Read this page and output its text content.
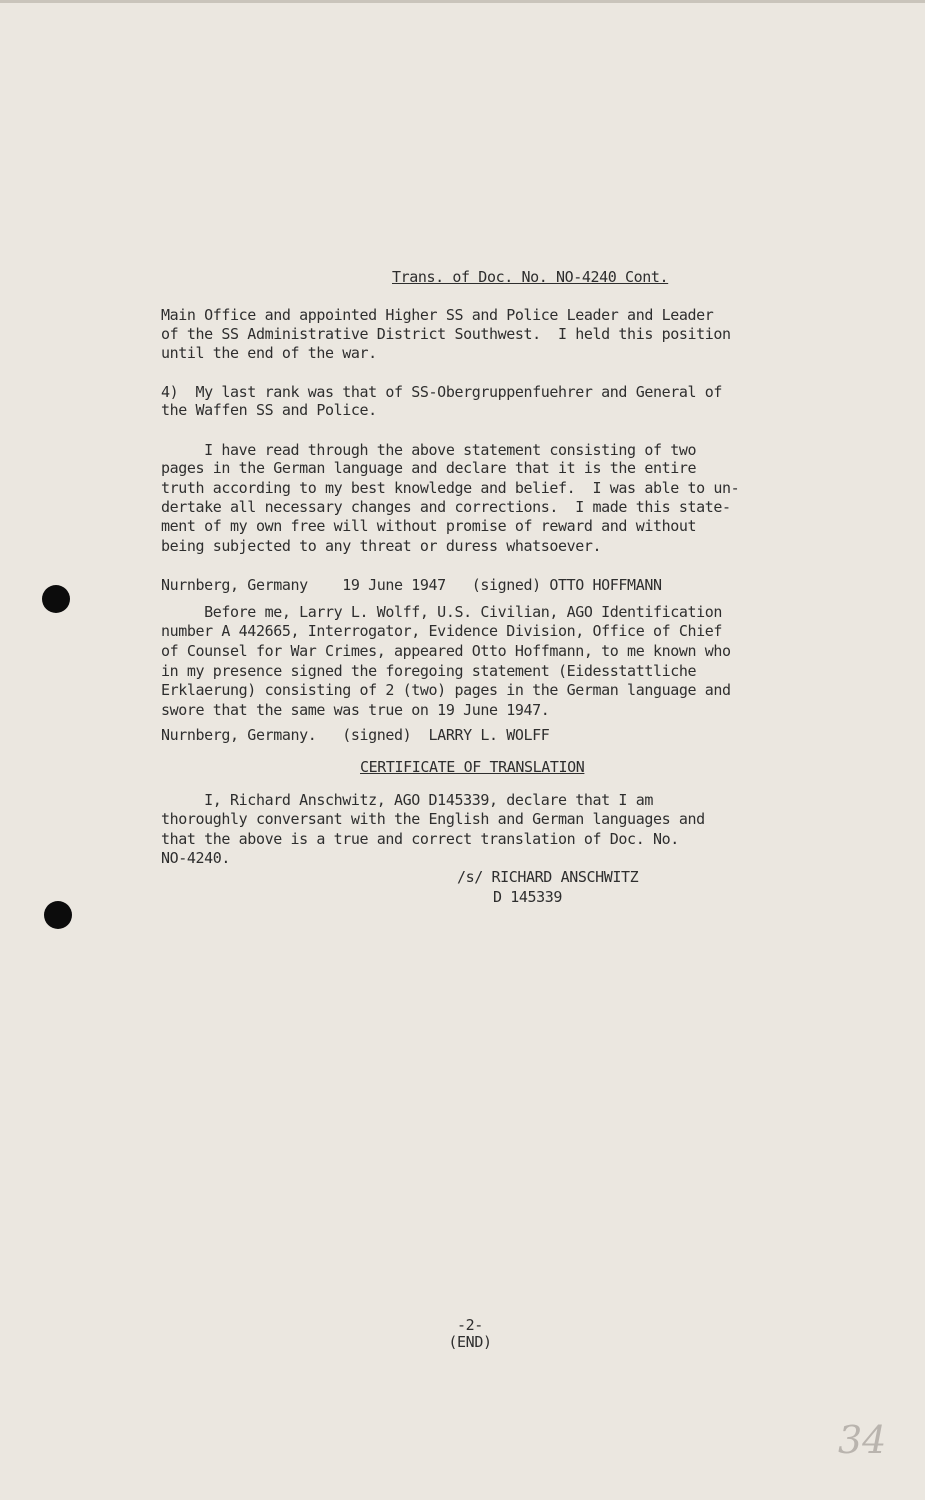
Trans. of Doc. No. NO-4240 Cont.
Main Office and appointed Higher SS and Police Leader and Leader
of the SS Administrative District Southwest.  I held this position
until the end of the war.
4)  My last rank was that of SS-Obergruppenfuehrer and General of
the Waffen SS and Police.
I have read through the above statement consisting of two
pages in the German language and declare that it is the entire
truth according to my best knowledge and belief.  I was able to un-
dertake all necessary changes and corrections.  I made this state-
ment of my own free will without promise of reward and without
being subjected to any threat or duress whatsoever.
Nurnberg, Germany    19 June 1947   (signed) OTTO HOFFMANN
Before me, Larry L. Wolff, U.S. Civilian, AGO Identification
number A 442665, Interrogator, Evidence Division, Office of Chief
of Counsel for War Crimes, appeared Otto Hoffmann, to me known who
in my presence signed the foregoing statement (Eidesstattliche
Erklaerung) consisting of 2 (two) pages in the German language and
swore that the same was true on 19 June 1947.
Nurnberg, Germany.   (signed)  LARRY L. WOLFF
CERTIFICATE OF TRANSLATION
I, Richard Anschwitz, AGO D145339, declare that I am
thoroughly conversant with the English and German languages and
that the above is a true and correct translation of Doc. No.
NO-4240.
/s/ RICHARD ANSCHWITZ
D 145339
-2-
(END)
34
